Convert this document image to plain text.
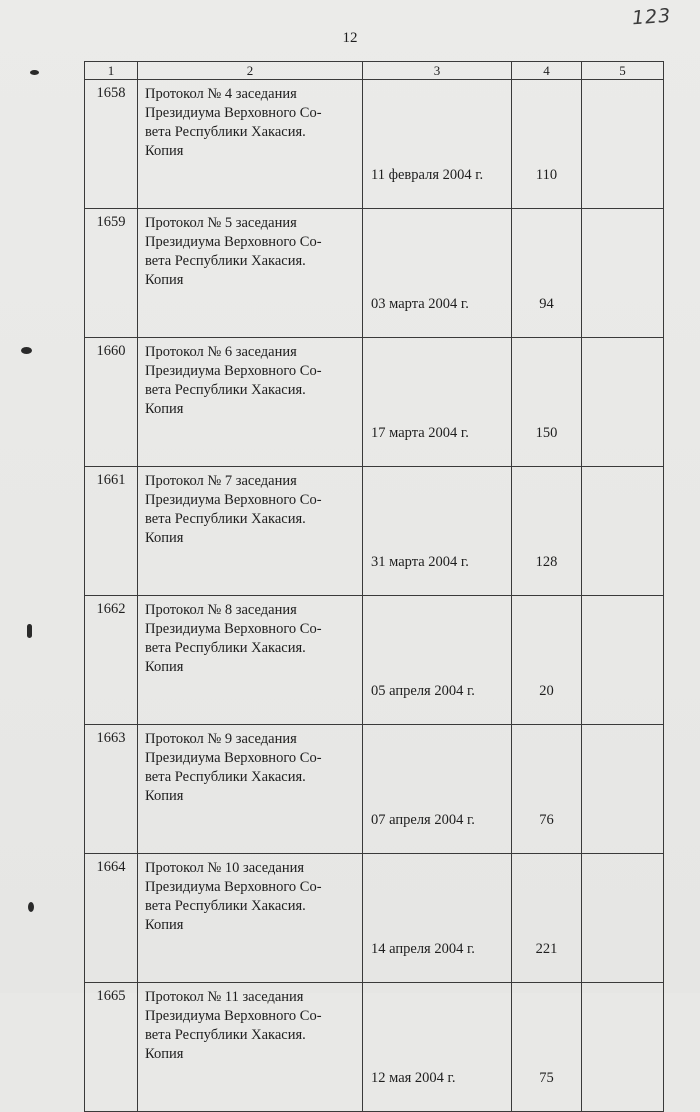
12
123
1	2	3	4	5
1658	Протокол № 4 заседания
Президиума Верховного Со-
вета Республики Хакасия.
Копия	11 февраля 2004 г.	110	
1659	Протокол № 5 заседания
Президиума Верховного Со-
вета Республики Хакасия.
Копия	03 марта 2004 г.	94	
1660	Протокол № 6 заседания
Президиума Верховного Со-
вета Республики Хакасия.
Копия	17 марта 2004 г.	150	
1661	Протокол № 7 заседания
Президиума Верховного Со-
вета Республики Хакасия.
Копия	31 марта 2004 г.	128	
1662	Протокол № 8 заседания
Президиума Верховного Со-
вета Республики Хакасия.
Копия	05 апреля 2004 г.	20	
1663	Протокол № 9 заседания
Президиума Верховного Со-
вета Республики Хакасия.
Копия	07 апреля 2004 г.	76	
1664	Протокол № 10 заседания
Президиума Верховного Со-
вета Республики Хакасия.
Копия	14 апреля 2004 г.	221	
1665	Протокол № 11 заседания
Президиума Верховного Со-
вета Республики Хакасия.
Копия	12 мая 2004 г.	75	
